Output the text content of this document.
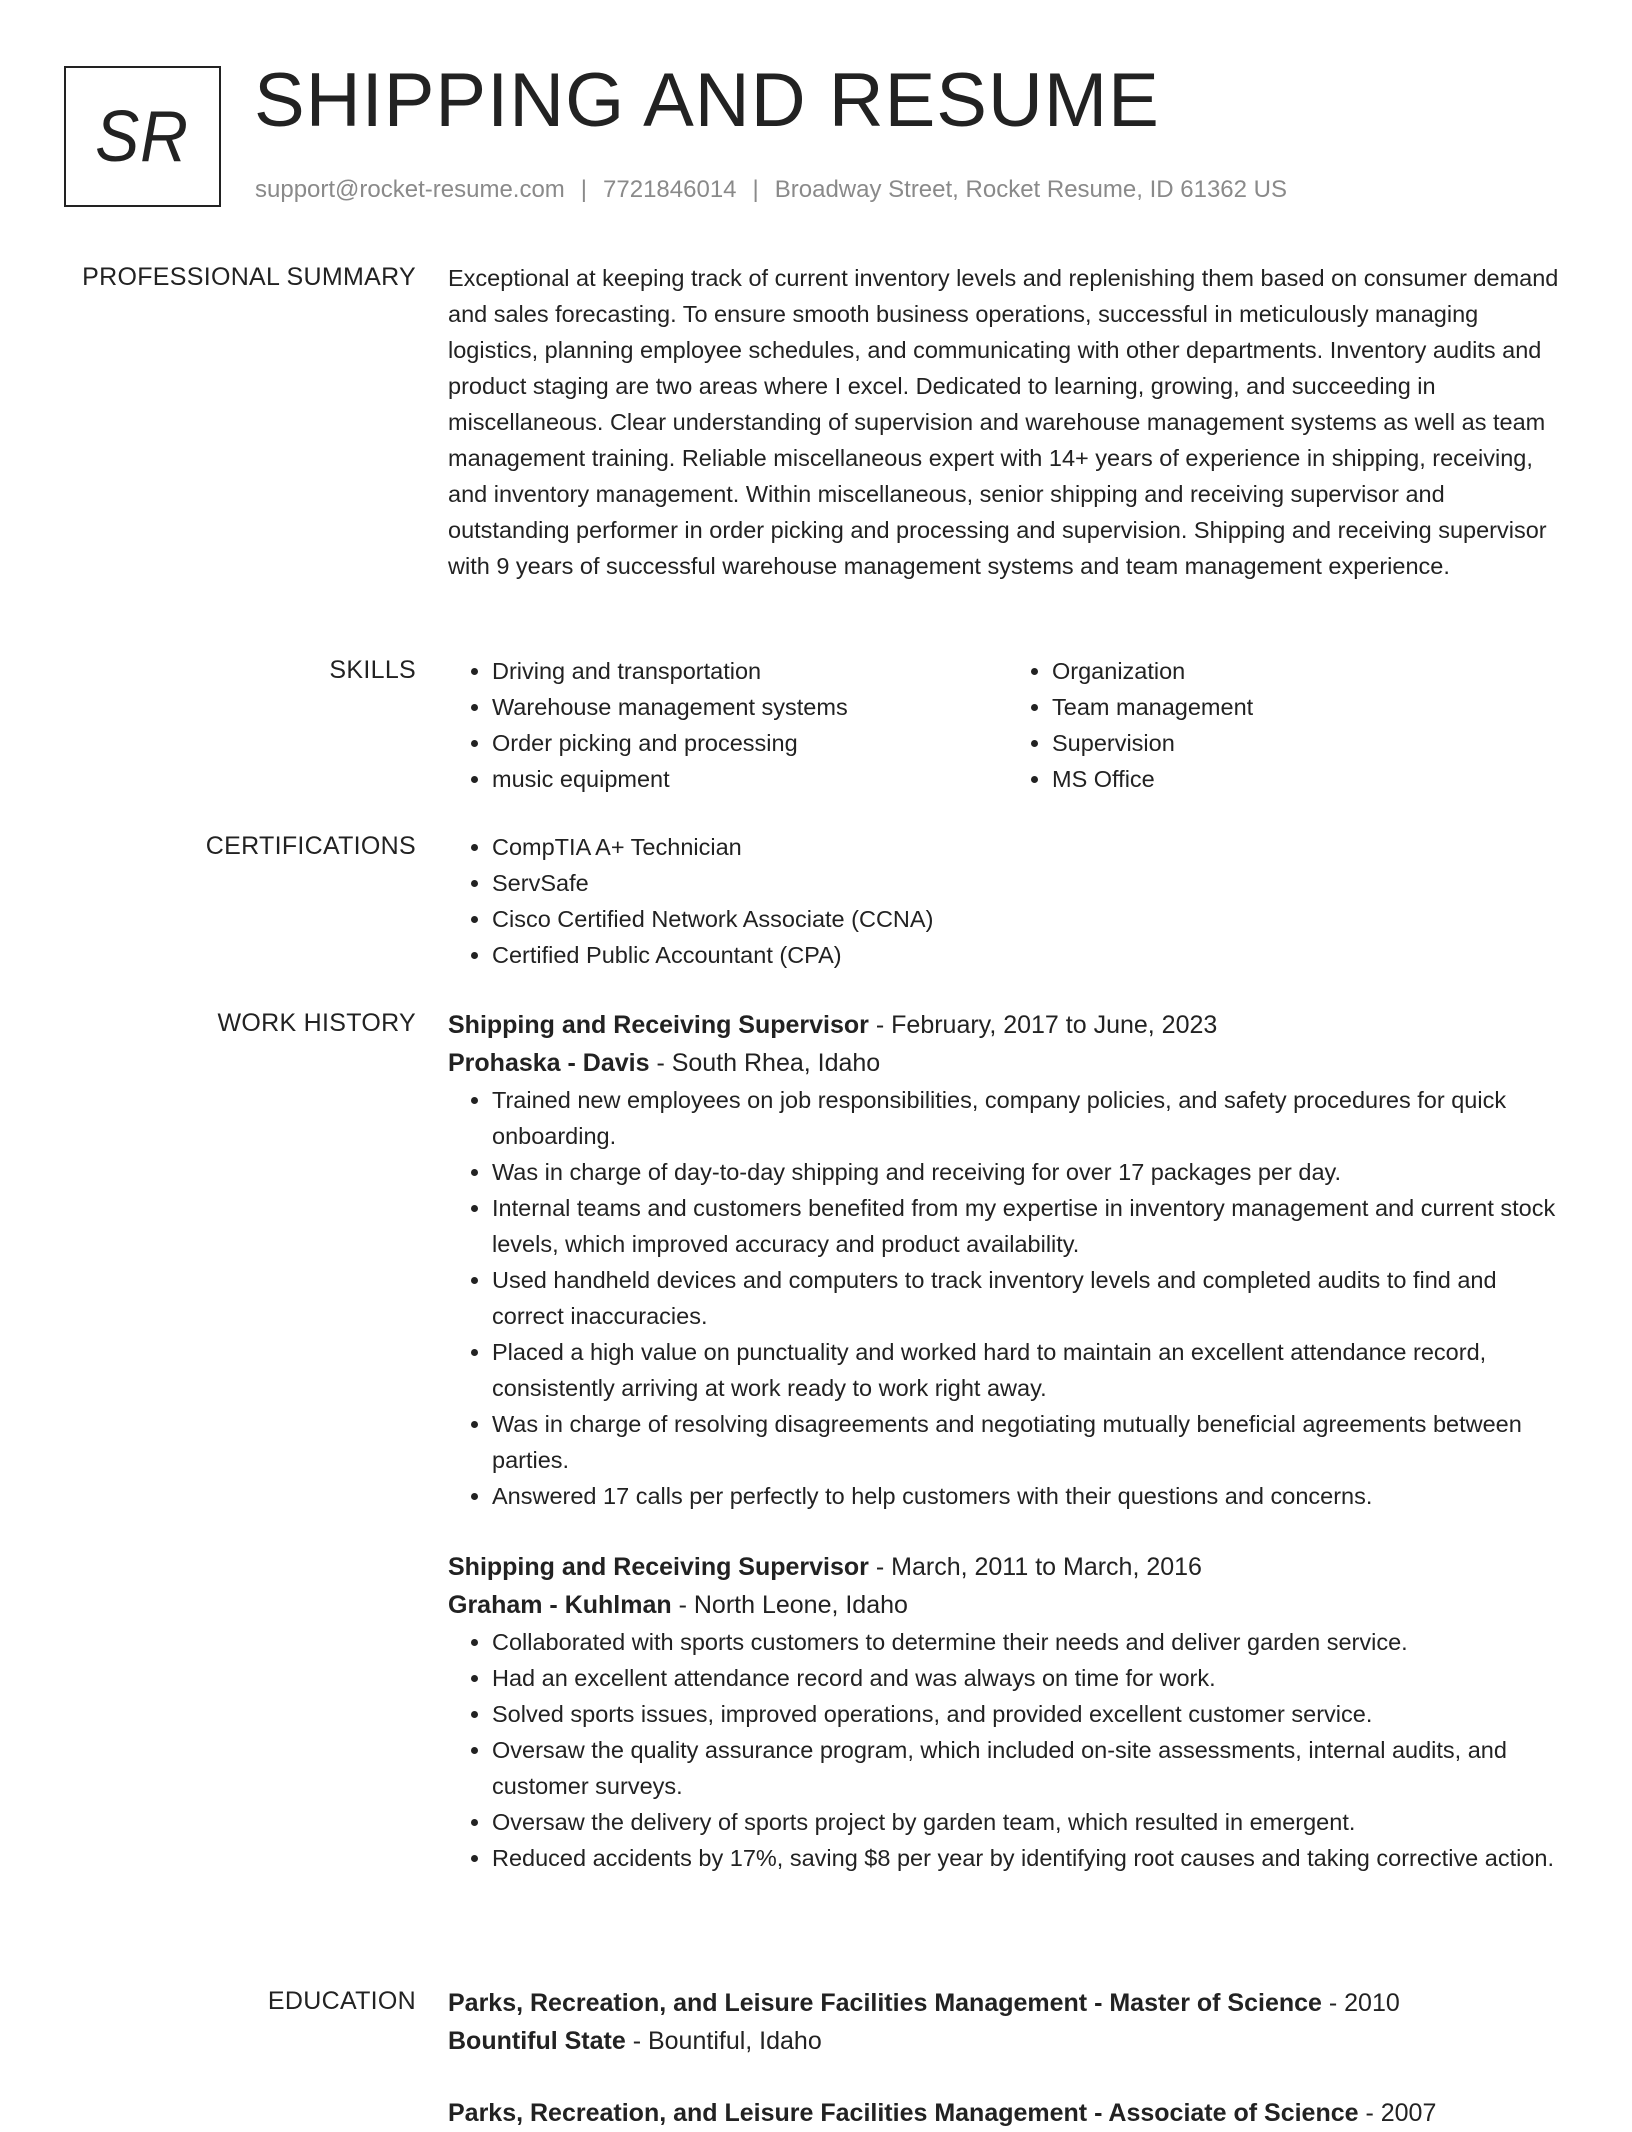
SR SHIPPING AND RESUME
support@rocket-resume.com | 7721846014 | Broadway Street, Rocket Resume, ID 61362 US
PROFESSIONAL SUMMARY Exceptional at keeping track of current inventory levels and replenishing them based on consumer demand and sales forecasting. To ensure smooth business operations, successful in meticulously managing logistics, planning employee schedules, and communicating with other departments. Inventory audits and product staging are two areas where I excel. Dedicated to learning, growing, and succeeding in miscellaneous. Clear understanding of supervision and warehouse management systems as well as team management training. Reliable miscellaneous expert with 14+ years of experience in shipping, receiving, and inventory management. Within miscellaneous, senior shipping and receiving supervisor and outstanding performer in order picking and processing and supervision. Shipping and receiving supervisor with 9 years of successful warehouse management systems and team management experience.

SKILLS	• Driving and transportation
• Warehouse management systems
• Order picking and processing
• music equipment
• Organization
• Team management
• Supervision
• MS Office
CERTIFICATIONS	• CompTIA A+ Technician
• ServSafe
• Cisco Certified Network Associate (CCNA)
• Certified Public Accountant (CPA)
WORK HISTORY Shipping and Receiving Supervisor - February, 2017 to June, 2023
Prohaska - Davis - South Rhea, Idaho
• Trained new employees on job responsibilities, company policies, and safety procedures for quick onboarding.
• Was in charge of day-to-day shipping and receiving for over 17 packages per day.
• Internal teams and customers benefited from my expertise in inventory management and current stock levels, which improved accuracy and product availability.
• Used handheld devices and computers to track inventory levels and completed audits to find and correct inaccuracies.
• Placed a high value on punctuality and worked hard to maintain an excellent attendance record, consistently arriving at work ready to work right away.
• Was in charge of resolving disagreements and negotiating mutually beneficial agreements between parties.
• Answered 17 calls per perfectly to help customers with their questions and concerns.
Shipping and Receiving Supervisor - March, 2011 to March, 2016
Graham - Kuhlman - North Leone, Idaho
• Collaborated with sports customers to determine their needs and deliver garden service.
• Had an excellent attendance record and was always on time for work.
• Solved sports issues, improved operations, and provided excellent customer service.
• Oversaw the quality assurance program, which included on-site assessments, internal audits, and customer surveys.
• Oversaw the delivery of sports project by garden team, which resulted in emergent.
• Reduced accidents by 17%, saving $8 per year by identifying root causes and taking corrective action.
EDUCATION Parks, Recreation, and Leisure Facilities Management - Master of Science - 2010
Bountiful State - Bountiful, Idaho
Parks, Recreation, and Leisure Facilities Management - Associate of Science - 2007
